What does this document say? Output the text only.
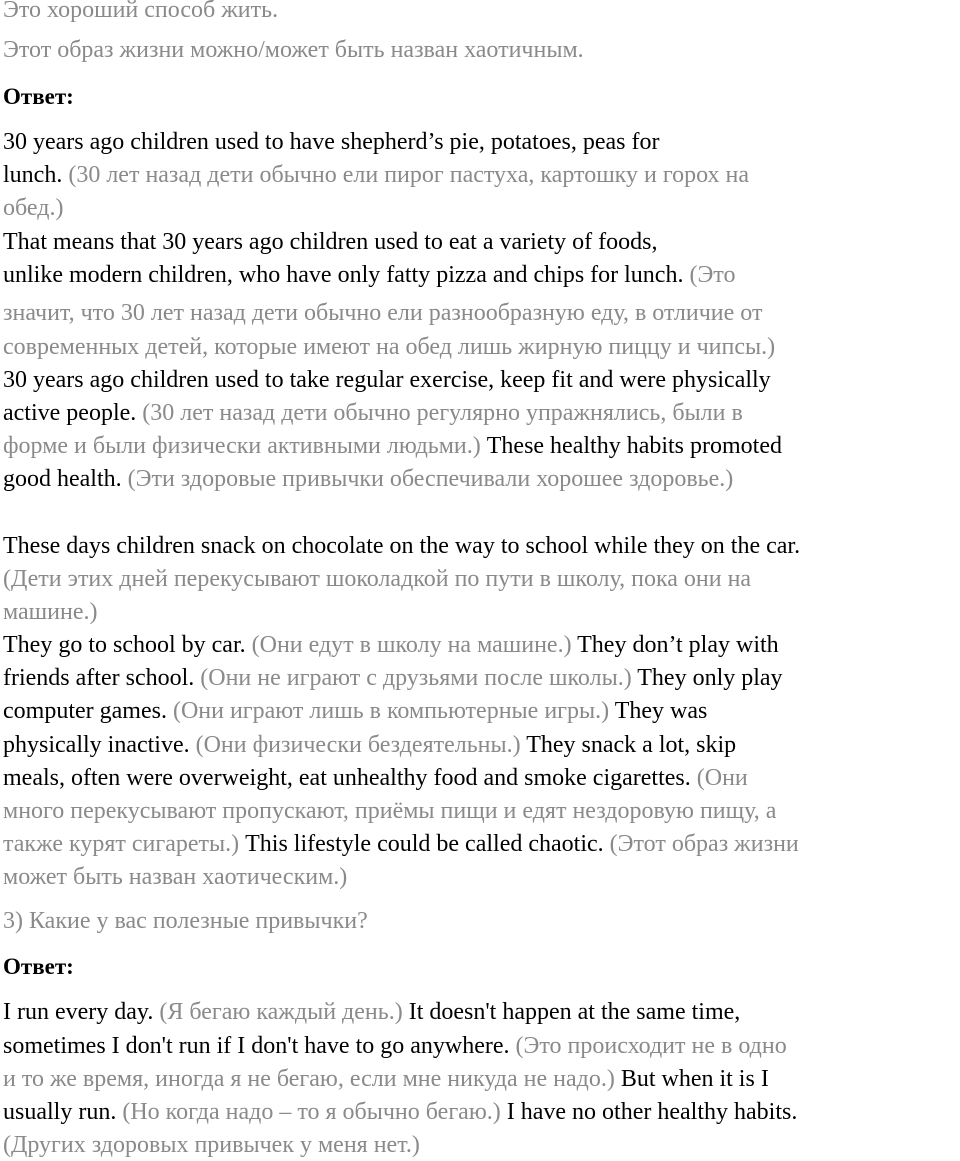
Это хороший способ жить.
Этот образ жизни можно/может быть назван хаотичным.
Ответ:
30 years ago children used to have shepherd’s pie, potatoes, peas for
lunch. (30 лет назад дети обычно ели пирог пастуха, картошку и горох на
обед.)
That means that 30 years ago children used to eat a variety of foods,
unlike modern children, who have only fatty pizza and chips for lunch. (Это
значит, что 30 лет назад дети обычно ели разнообразную еду, в отличие от
современных детей, которые имеют на обед лишь жирную пиццу и чипсы.)
30 years ago children used to take regular exercise, keep fit and were physically
active people. (30 лет назад дети обычно регулярно упражнялись, были в
форме и были физически активными людьми.) These healthy habits promoted
good health. (Эти здоровые привычки обеспечивали хорошее здоровье.)
These days children snack on chocolate on the way to school while they on the car.
(Дети этих дней перекусывают шоколадкой по пути в школу, пока они на
машине.)
They go to school by car. (Они едут в школу на машине.) They don’t play with
friends after school. (Они не играют с друзьями после школы.) They only play
computer games. (Они играют лишь в компьютерные игры.) They was
physically inactive. (Они физически бездеятельны.) They snack a lot, skip
meals, often were overweight, eat unhealthy food and smoke cigarettes. (Они
много перекусывают пропускают, приёмы пищи и едят нездоровую пищу, а
также курят сигареты.) This lifestyle could be called chaotic. (Этот образ жизни
может быть назван хаотическим.)
3) Какие у вас полезные привычки?
Ответ:
I run every day. (Я бегаю каждый день.) It doesn't happen at the same time,
sometimes I don't run if I don't have to go anywhere. (Это происходит не в одно
и то же время, иногда я не бегаю, если мне никуда не надо.) But when it is I
usually run. (Но когда надо – то я обычно бегаю.) I have no other healthy habits.
(Других здоровых привычек у меня нет.)
